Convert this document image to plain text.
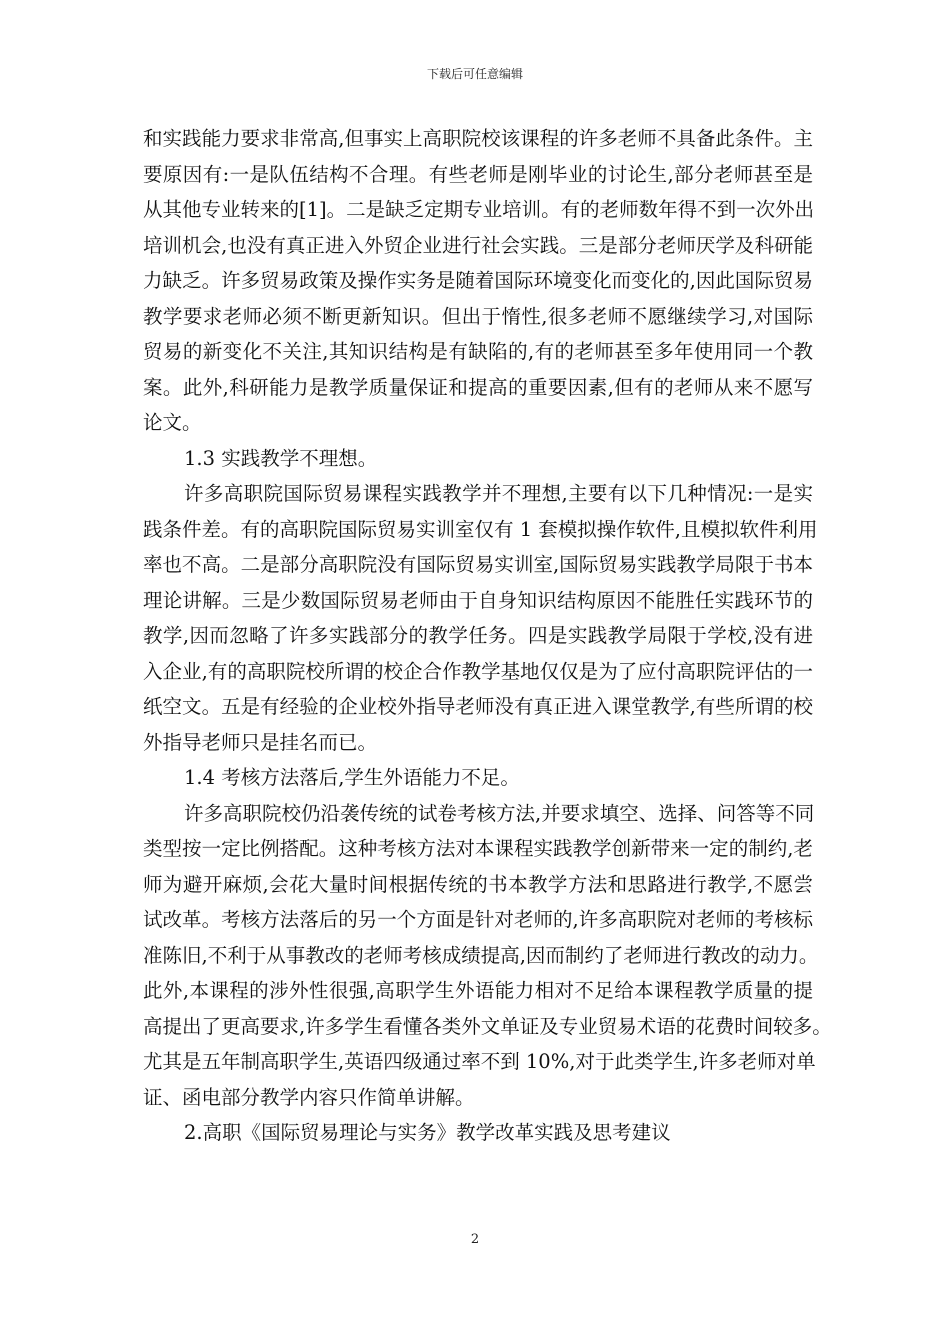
下载后可任意编辑
和实践能力要求非常高,但事实上高职院校该课程的许多老师不具备此条件。主
要原因有:一是队伍结构不合理。有些老师是刚毕业的讨论生,部分老师甚至是
从其他专业转来的[1]。二是缺乏定期专业培训。有的老师数年得不到一次外出
培训机会,也没有真正进入外贸企业进行社会实践。三是部分老师厌学及科研能
力缺乏。许多贸易政策及操作实务是随着国际环境变化而变化的,因此国际贸易
教学要求老师必须不断更新知识。但出于惰性,很多老师不愿继续学习,对国际
贸易的新变化不关注,其知识结构是有缺陷的,有的老师甚至多年使用同一个教
案。此外,科研能力是教学质量保证和提高的重要因素,但有的老师从来不愿写
论文。
1.3 实践教学不理想。
许多高职院国际贸易课程实践教学并不理想,主要有以下几种情况:一是实
践条件差。有的高职院国际贸易实训室仅有 1 套模拟操作软件,且模拟软件利用
率也不高。二是部分高职院没有国际贸易实训室,国际贸易实践教学局限于书本
理论讲解。三是少数国际贸易老师由于自身知识结构原因不能胜任实践环节的
教学,因而忽略了许多实践部分的教学任务。四是实践教学局限于学校,没有进
入企业,有的高职院校所谓的校企合作教学基地仅仅是为了应付高职院评估的一
纸空文。五是有经验的企业校外指导老师没有真正进入课堂教学,有些所谓的校
外指导老师只是挂名而已。
1.4 考核方法落后,学生外语能力不足。
许多高职院校仍沿袭传统的试卷考核方法,并要求填空、选择、问答等不同
类型按一定比例搭配。这种考核方法对本课程实践教学创新带来一定的制约,老
师为避开麻烦,会花大量时间根据传统的书本教学方法和思路进行教学,不愿尝
试改革。考核方法落后的另一个方面是针对老师的,许多高职院对老师的考核标
准陈旧,不利于从事教改的老师考核成绩提高,因而制约了老师进行教改的动力。
此外,本课程的涉外性很强,高职学生外语能力相对不足给本课程教学质量的提
高提出了更高要求,许多学生看懂各类外文单证及专业贸易术语的花费时间较多。
尤其是五年制高职学生,英语四级通过率不到 10%,对于此类学生,许多老师对单
证、函电部分教学内容只作简单讲解。
2.高职《国际贸易理论与实务》教学改革实践及思考建议
2
